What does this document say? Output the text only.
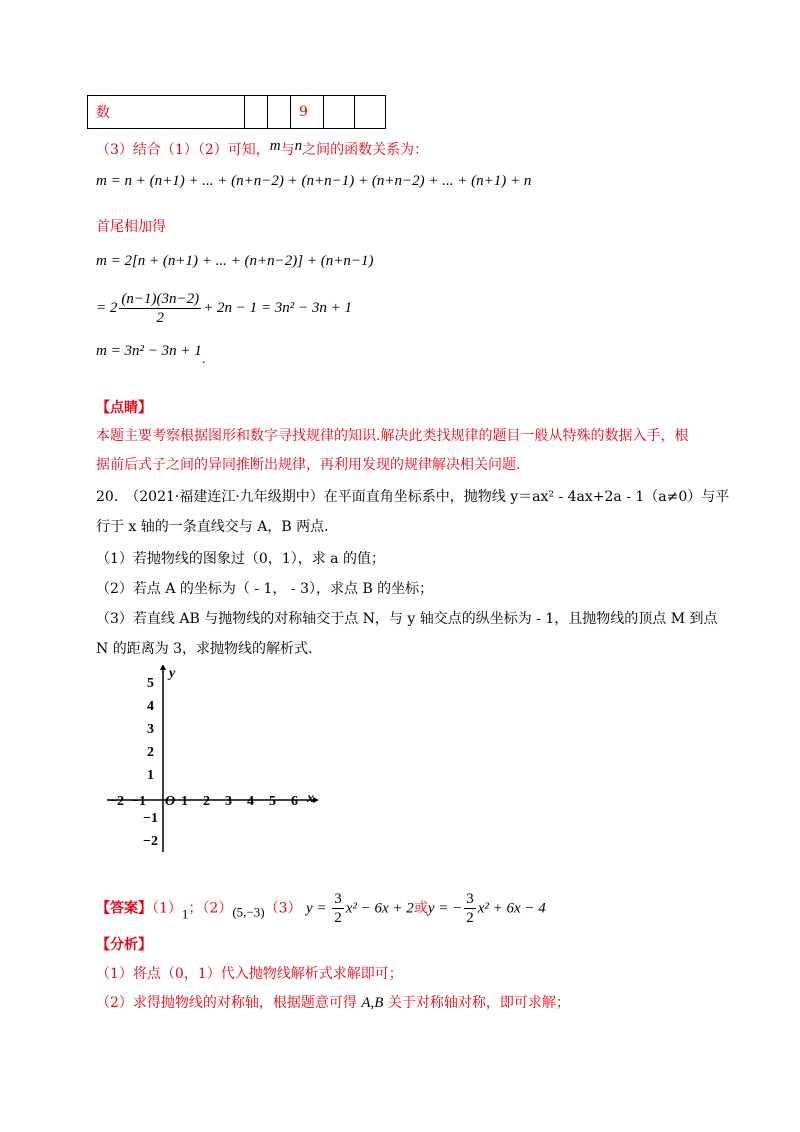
数			9		
（3）结合（1）（2）可知，m与n之间的函数关系为：
m = n + (n+1) + ... + (n+n−2) + (n+n−1) + (n+n−2) + ... + (n+1) + n
首尾相加得
m = 2[n + (n+1) + ... + (n+n−2)] + (n+n−1)
= $2 \frac{(n-1)(3n-2)}{2} + 2n - 1 = 3n^2 - 3n + 1$
m = 3n² − 3n + 1.
【点睛】
本题主要考察根据图形和数字寻找规律的知识.解决此类找规律的题目一般从特殊的数据入手，根
据前后式子之间的异同推断出规律，再利用发现的规律解决相关问题.
20.　（2021·福建连江·九年级期中）在平面直角坐标系中，抛物线 y＝ax² - 4ax+2a - 1（a≠0）与平
行于 x 轴的一条直线交与 A，B 两点.
（1）若抛物线的图象过（0，1），求 a 的值；
（2）若点 A 的坐标为（ - 1， - 3），求点 B 的坐标；
（3）若直线 AB 与抛物线的对称轴交于点 N，与 y 轴交点的纵坐标为 - 1，且抛物线的顶点 M 到点
N 的距离为 3，求抛物线的解析式.
x
y
O
−2 −1	1 2 3 4 5 6
5
4
3
2
1
−1
−2
【答案】（1）1；（2）(5,−3)（3） $y = \frac{3}{2} x^2 - 6x + 2$或y = − $\frac{3}{2} x^2 + 6x - 4$
【分析】
（1）将点（0，1）代入抛物线解析式求解即可；
（2）求得抛物线的对称轴，根据题意可得 A,B 关于对称轴对称，即可求解；
